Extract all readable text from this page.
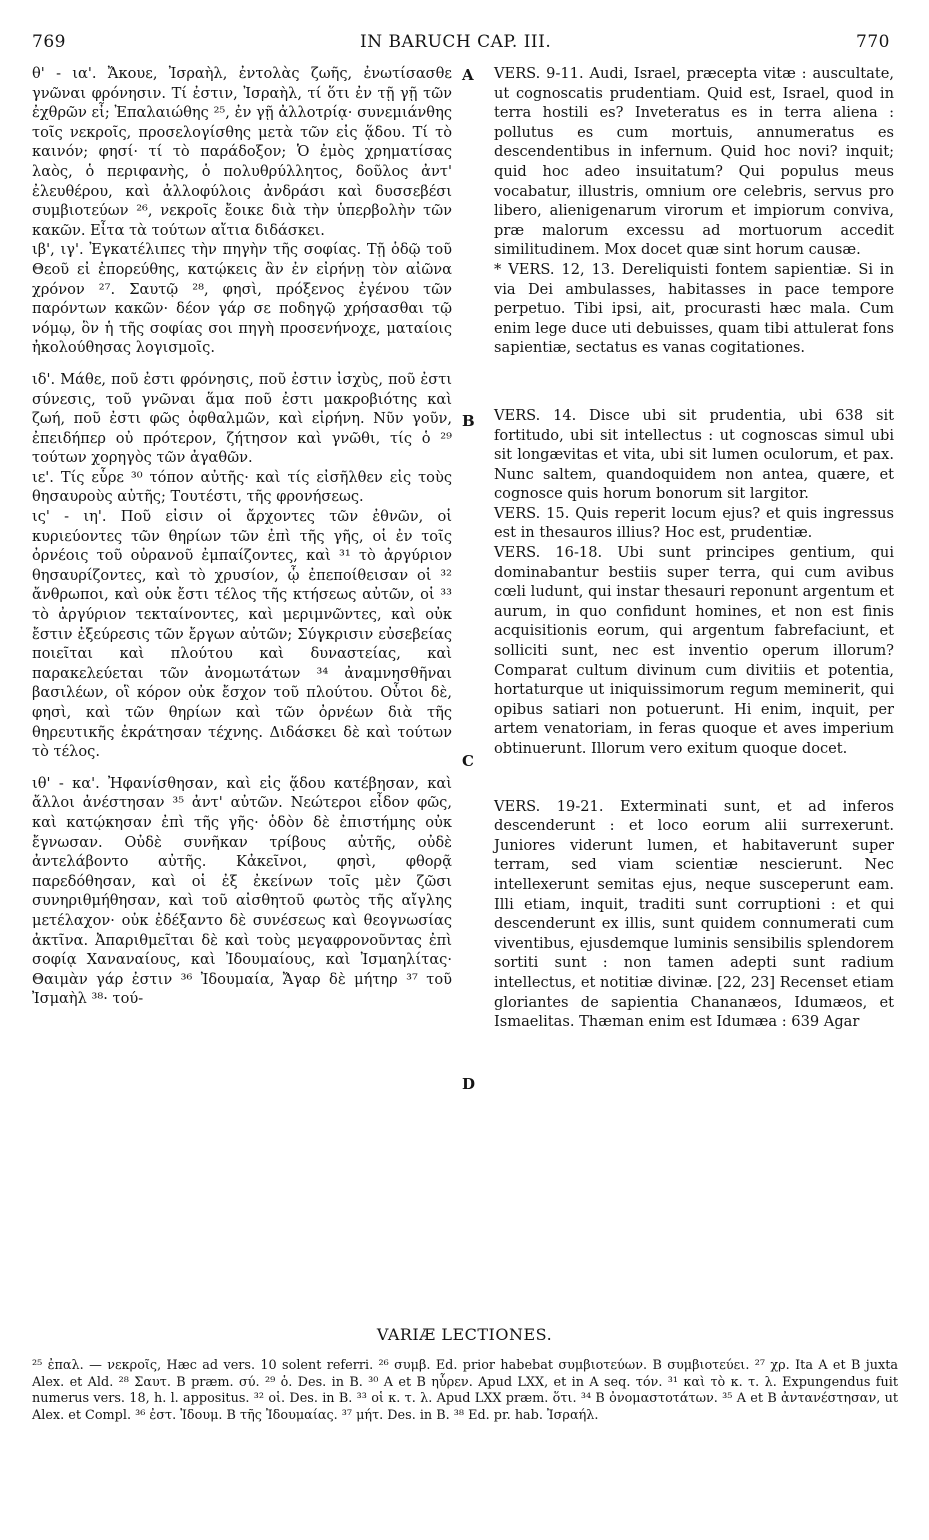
769	IN BARUCH CAP. III.	770
A
B
C
D

θ' - ια'. Ἄκουε, Ἰσραὴλ, ἐντολὰς ζωῆς, ἐνωτίσασθε γνῶναι φρόνησιν. Τί ἐστιν, Ἰσραὴλ, τί ὅτι ἐν τῇ γῇ τῶν ἐχθρῶν εἶ; Ἐπαλαιώθης ²⁵, ἐν γῇ ἀλλοτρίᾳ· συνεμιάνθης τοῖς νεκροῖς, προσελογίσθης μετὰ τῶν εἰς ᾅδου. Τί τὸ καινόν; φησί· τί τὸ παράδοξον; Ὁ ἐμὸς χρηματίσας λαὸς, ὁ περιφανὴς, ὁ πολυθρύλλητος, δοῦλος ἀντ' ἐλευθέρου, καὶ ἀλλοφύλοις ἀνδράσι καὶ δυσσεβέσι συμβιοτεύων ²⁶, νεκροῖς ἔοικε διὰ τὴν ὑπερβολὴν τῶν κακῶν. Εἶτα τὰ τούτων αἴτια διδάσκει.

ιβ', ιγ'. Ἐγκατέλιπες τὴν πηγὴν τῆς σοφίας. Τῇ ὁδῷ τοῦ Θεοῦ εἰ ἐπορεύθης, κατῴκεις ἂν ἐν εἰρήνῃ τὸν αἰῶνα χρόνον ²⁷. Σαυτῷ ²⁸, φησὶ, πρόξενος ἐγένου τῶν παρόντων κακῶν· δέον γάρ σε ποδηγῷ χρήσασθαι τῷ νόμῳ, ὃν ἡ τῆς σοφίας σοι πηγὴ προσενήνοχε, ματαίοις ἠκολούθησας λογισμοῖς.

ιδ'. Μάθε, ποῦ ἐστι φρόνησις, ποῦ ἐστιν ἰσχὺς, ποῦ ἐστι σύνεσις, τοῦ γνῶναι ἅμα ποῦ ἐστι μακροβιότης καὶ ζωή, ποῦ ἐστι φῶς ὀφθαλμῶν, καὶ εἰρήνη. Νῦν γοῦν, ἐπειδήπερ οὐ πρότερον, ζήτησον καὶ γνῶθι, τίς ὁ ²⁹ τούτων χορηγὸς τῶν ἀγαθῶν.

ιε'. Τίς εὗρε ³⁰ τόπον αὐτῆς· καὶ τίς εἰσῆλθεν εἰς τοὺς θησαυροὺς αὐτῆς; Τουτέστι, τῆς φρονήσεως.

ις' - ιη'. Ποῦ εἰσιν οἱ ἄρχοντες τῶν ἐθνῶν, οἱ κυριεύοντες τῶν θηρίων τῶν ἐπὶ τῆς γῆς, οἱ ἐν τοῖς ὀρνέοις τοῦ οὐρανοῦ ἐμπαίζοντες, καὶ ³¹ τὸ ἀργύριον θησαυρίζοντες, καὶ τὸ χρυσίον, ᾧ ἐπεποίθεισαν οἱ ³² ἄνθρωποι, καὶ οὐκ ἔστι τέλος τῆς κτήσεως αὐτῶν, οἱ ³³ τὸ ἀργύριον τεκταίνοντες, καὶ μεριμνῶντες, καὶ οὐκ ἔστιν ἐξεύρεσις τῶν ἔργων αὐτῶν; Σύγκρισιν εὐσεβείας ποιεῖται καὶ πλούτου καὶ δυναστείας, καὶ παρακελεύεται τῶν ἀνομωτάτων ³⁴ ἀναμνησθῆναι βασιλέων, οἳ κόρον οὐκ ἔσχον τοῦ πλούτου. Οὗτοι δὲ, φησὶ, καὶ τῶν θηρίων καὶ τῶν ὀρνέων διὰ τῆς θηρευτικῆς ἐκράτησαν τέχνης. Διδάσκει δὲ καὶ τούτων τὸ τέλος.

ιθ' - κα'. Ἠφανίσθησαν, καὶ εἰς ᾅδου κατέβησαν, καὶ ἄλλοι ἀνέστησαν ³⁵ ἀντ' αὐτῶν. Νεώτεροι εἶδον φῶς, καὶ κατῴκησαν ἐπὶ τῆς γῆς· ὁδὸν δὲ ἐπιστήμης οὐκ ἔγνωσαν. Οὐδὲ συνῆκαν τρίβους αὐτῆς, οὐδὲ ἀντελάβοντο αὐτῆς. Κἀκεῖνοι, φησὶ, φθορᾷ παρεδόθησαν, καὶ οἱ ἐξ ἐκείνων τοῖς μὲν ζῶσι συνηριθμήθησαν, καὶ τοῦ αἰσθητοῦ φωτὸς τῆς αἴγλης μετέλαχον· οὐκ ἐδέξαντο δὲ συνέσεως καὶ θεογνωσίας ἀκτῖνα. Ἀπαριθμεῖται δὲ καὶ τοὺς μεγαφρονοῦντας ἐπὶ σοφίᾳ Χαναναίους, καὶ Ἰδουμαίους, καὶ Ἰσμαηλίτας· Θαιμὰν γάρ ἐστιν ³⁶ Ἰδουμαία, Ἄγαρ δὲ μήτηρ ³⁷ τοῦ Ἰσμαὴλ ³⁸· τού-

VERS. 9-11. Audi, Israel, præcepta vitæ : auscultate, ut cognoscatis prudentiam. Quid est, Israel, quod in terra hostili es? Inveteratus es in terra aliena : pollutus es cum mortuis, annumeratus es descendentibus in infernum. Quid hoc novi? inquit; quid hoc adeo insuitatum? Qui populus meus vocabatur, illustris, omnium ore celebris, servus pro libero, alienigenarum virorum et impiorum conviva, præ malorum excessu ad mortuorum accedit similitudinem. Mox docet quæ sint horum causæ.

* VERS. 12, 13. Dereliquisti fontem sapientiæ. Si in via Dei ambulasses, habitasses in pace tempore perpetuo. Tibi ipsi, ait, procurasti hæc mala. Cum enim lege duce uti debuisses, quam tibi attulerat fons sapientiæ, sectatus es vanas cogitationes.

VERS. 14. Disce ubi sit prudentia, ubi 638 sit fortitudo, ubi sit intellectus : ut cognoscas simul ubi sit longævitas et vita, ubi sit lumen oculorum, et pax. Nunc saltem, quandoquidem non antea, quære, et cognosce quis horum bonorum sit largitor.

VERS. 15. Quis reperit locum ejus? et quis ingressus est in thesauros illius? Hoc est, prudentiæ.

VERS. 16-18. Ubi sunt principes gentium, qui dominabantur bestiis super terra, qui cum avibus cœli ludunt, qui instar thesauri reponunt argentum et aurum, in quo confidunt homines, et non est finis acquisitionis eorum, qui argentum fabrefaciunt, et solliciti sunt, nec est inventio operum illorum? Comparat cultum divinum cum divitiis et potentia, hortaturque ut iniquissimorum regum meminerit, qui opibus satiari non potuerunt. Hi enim, inquit, per artem venatoriam, in feras quoque et aves imperium obtinuerunt. Illorum vero exitum quoque docet.

VERS. 19-21. Exterminati sunt, et ad inferos descenderunt : et loco eorum alii surrexerunt. Juniores viderunt lumen, et habitaverunt super terram, sed viam scientiæ nescierunt. Nec intellexerunt semitas ejus, neque susceperunt eam. Illi etiam, inquit, traditi sunt corruptioni : et qui descenderunt ex illis, sunt quidem connumerati cum viventibus, ejusdemque luminis sensibilis splendorem sortiti sunt : non tamen adepti sunt radium intellectus, et notitiæ divinæ. [22, 23] Recenset etiam gloriantes de sapientia Chananæos, Idumæos, et Ismaelitas. Thæman enim est Idumæa : 639 Agar

VARIÆ LECTIONES.
²⁵ ἐπαλ. — νεκροῖς, Hæc ad vers. 10 solent referri. ²⁶ συμβ. Ed. prior habebat συμβιοτεύων. B συμβιοτεύει. ²⁷ χρ. Ita A et B juxta Alex. et Ald. ²⁸ Σαυτ. B præm. σύ. ²⁹ ὁ. Des. in B. ³⁰ A et B ηὗρεν. Apud LXX, et in A seq. τόν. ³¹ καὶ τὸ κ. τ. λ. Expungendus fuit numerus vers. 18, h. l. appositus. ³² οἱ. Des. in B. ³³ οἱ κ. τ. λ. Apud LXX præm. ὅτι. ³⁴ B ὀνομαστοτάτων. ³⁵ A et B ἀντανέστησαν, ut Alex. et Compl. ³⁶ ἐστ. Ἰδουμ. B τῆς Ἰδουμαίας. ³⁷ μήτ. Des. in B. ³⁸ Ed. pr. hab. Ἰσραήλ.
